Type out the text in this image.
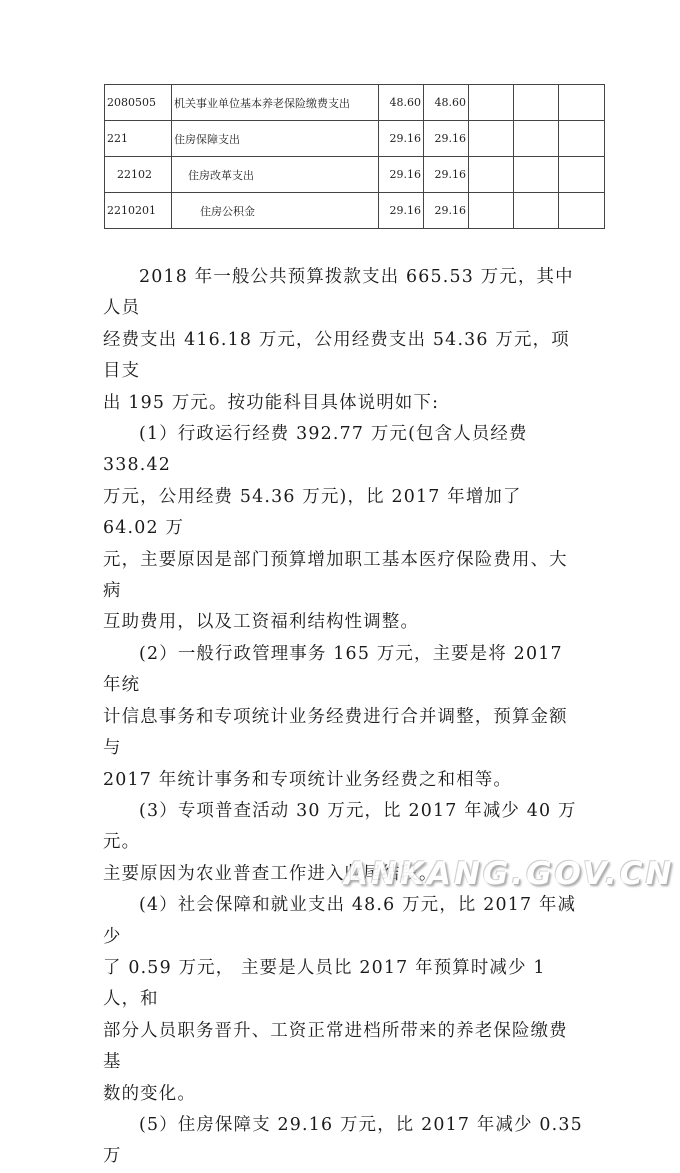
2080505	机关事业单位基本养老保险缴费支出	48.60	48.60			
221	住房保障支出	29.16	29.16			
22102	住房改革支出	29.16	29.16			
2210201	住房公积金	29.16	29.16			

2018 年一般公共预算拨款支出 665.53 万元，其中人员

经费支出 416.18 万元，公用经费支出 54.36 万元，项目支

出 195 万元。按功能科目具体说明如下:

(1）行政运行经费 392.77 万元(包含人员经费 338.42

万元，公用经费 54.36 万元)，比 2017 年增加了 64.02 万

元，主要原因是部门预算增加职工基本医疗保险费用、大病

互助费用，以及工资福利结构性调整。

(2）一般行政管理事务 165 万元，主要是将 2017 年统

计信息事务和专项统计业务经费进行合并调整，预算金额与

2017 年统计事务和专项统计业务经费之和相等。

(3）专项普查活动 30 万元，比 2017 年减少 40 万元。

主要原因为农业普查工作进入收尾结段。

(4）社会保障和就业支出 48.6 万元，比 2017 年减少

了 0.59 万元， 主要是人员比 2017 年预算时减少 1 人，和

部分人员职务晋升、工资正常进档所带来的养老保险缴费基

数的变化。

(5）住房保障支 29.16 万元，比 2017 年减少 0.35 万

ANKANG.GOV.CN
